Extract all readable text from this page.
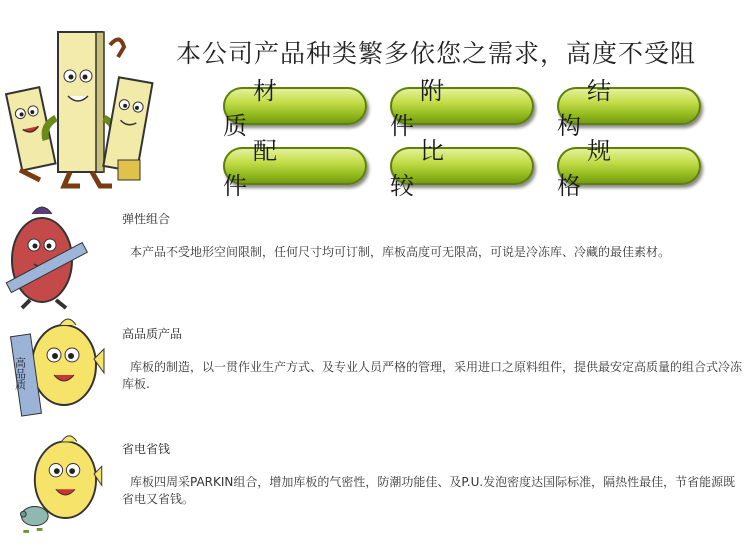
本公司产品种类繁多依您之需求，高度不受阻
材 质
附 件
结 构
配 件
比 较
规 格
弹性组合
本产品不受地形空间限制，任何尺寸均可订制，库板高度可无限高，可说是冷冻库、冷藏的最佳素材。
高品质
高品质产品
库板的制造，以一贯作业生产方式、及专业人员严格的管理，采用进口之原料组件，提供最安定高质量的组合式冷冻库板.
省电省钱
库板四周采PARKIN组合，增加库板的气密性，防潮功能佳、及P.U.发泡密度达国际标准，隔热性最佳，节省能源既省电又省钱。
